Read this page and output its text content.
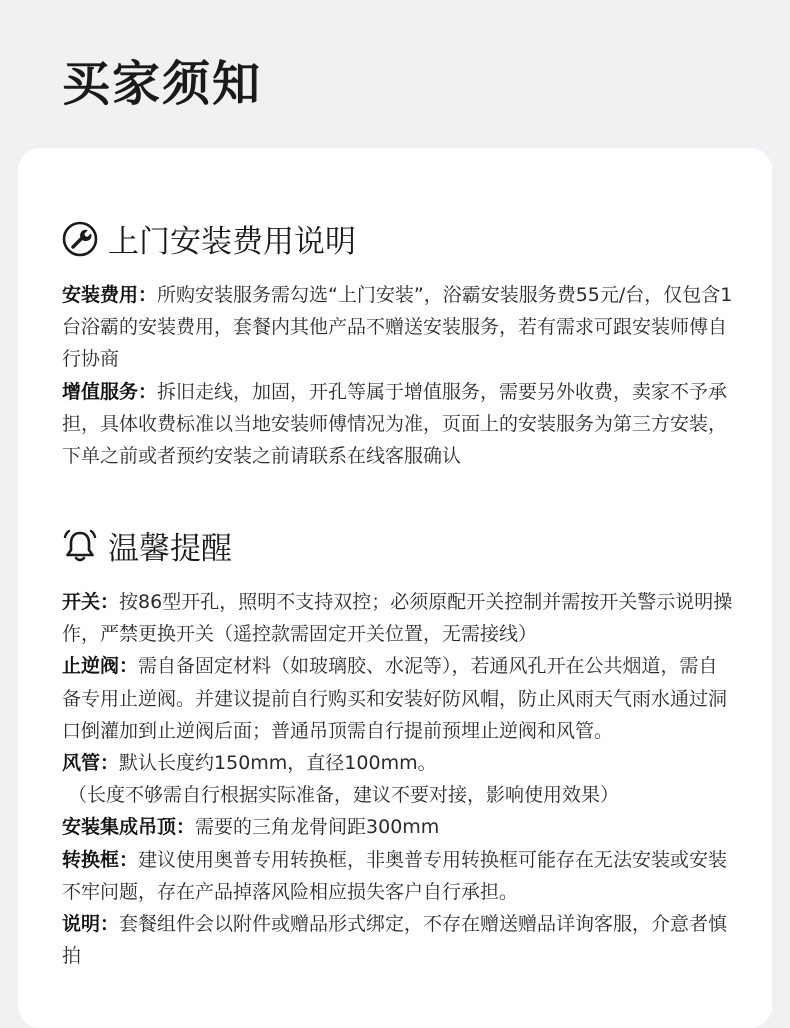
买家须知
上门安装费用说明

安装费用：所购安装服务需勾选“上门安装”，浴霸安装服务费55元/台，仅包含1台浴霸的安装费用，套餐内其他产品不赠送安装服务，若有需求可跟安装师傅自行协商

增值服务：拆旧走线，加固，开孔等属于增值服务，需要另外收费，卖家不予承担，具体收费标准以当地安装师傅情况为准，页面上的安装服务为第三方安装，下单之前或者预约安装之前请联系在线客服确认

温馨提醒

开关：按86型开孔，照明不支持双控；必须原配开关控制并需按开关警示说明操作，严禁更换开关（遥控款需固定开关位置，无需接线）

止逆阀：需自备固定材料（如玻璃胶、水泥等），若通风孔开在公共烟道，需自备专用止逆阀。并建议提前自行购买和安装好防风帽，防止风雨天气雨水通过洞口倒灌加到止逆阀后面；普通吊顶需自行提前预埋止逆阀和风管。

风管：默认长度约150mm，直径100mm。

（长度不够需自行根据实际准备，建议不要对接，影响使用效果）

安装集成吊顶：需要的三角龙骨间距300mm

转换框：建议使用奥普专用转换框，非奥普专用转换框可能存在无法安装或安装不牢问题，存在产品掉落风险相应损失客户自行承担。

说明：套餐组件会以附件或赠品形式绑定，不存在赠送赠品详询客服，介意者慎拍
